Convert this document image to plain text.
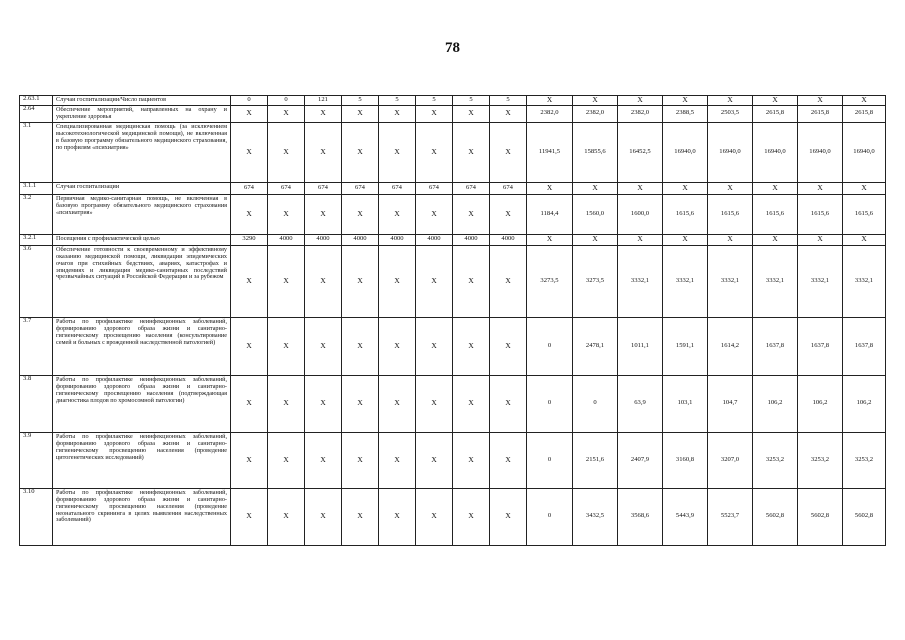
78
2.63.1	Случаи госпитализации/Число пациентов	0	0	121	5	5	5	5	5	X	X	X	X	X	X	X	X
2.64	Обеспечение мероприятий, направленных на охрану и укрепление здоровья	X	X	X	X	X	X	X	X	2382,0	2382,0	2382,0	2388,5	2503,5	2615,8	2615,8	2615,8
3.1	Специализированная медицинская помощь (за исключением высокотехнологической медицинской помощи), не включенная в базовую программу обязательного медицинского страхования, по профилям «психиатрия»	X	X	X	X	X	X	X	X	11941,5	15855,6	16452,5	16940,0	16940,0	16940,0	16940,0	16940,0
3.1.1	Случаи госпитализации	674	674	674	674	674	674	674	674	X	X	X	X	X	X	X	X
3.2	Первичная медико-санитарная помощь, не включенная в базовую программу обязательного медицинского страхования «психиатрия»	X	X	X	X	X	X	X	X	1184,4	1560,0	1600,0	1615,6	1615,6	1615,6	1615,6	1615,6
3.2.1	Посещения с профилактической целью	3290	4000	4000	4000	4000	4000	4000	4000	X	X	X	X	X	X	X	X
3.6	Обеспечение готовности к своевременному и эффективному оказанию медицинской помощи, ликвидации эпидемических очагов при стихийных бедствиях, авариях, катастрофах и эпидемиях и ликвидация медико-санитарных последствий чрезвычайных ситуаций в Российской Федерации и за рубежом	X	X	X	X	X	X	X	X	3273,5	3273,5	3332,1	3332,1	3332,1	3332,1	3332,1	3332,1
3.7	Работы по профилактике неинфекционных заболеваний, формированию здорового образа жизни и санитарно-гигиеническому просвещению населения (консультирование семей и больных с врожденной наследственной патологией)	X	X	X	X	X	X	X	X	0	2478,1	1011,1	1591,1	1614,2	1637,8	1637,8	1637,8
3.8	Работы по профилактике неинфекционных заболеваний, формированию здорового образа жизни и санитарно-гигиеническому просвещению населения (подтверждающая диагностика плодов по хромосомной патологии)	X	X	X	X	X	X	X	X	0	0	63,9	103,1	104,7	106,2	106,2	106,2
3.9	Работы по профилактике неинфекционных заболеваний, формированию здорового образа жизни и санитарно-гигиеническому просвещению населения (проведение цитогенетических исследований)	X	X	X	X	X	X	X	X	0	2151,6	2407,9	3160,8	3207,0	3253,2	3253,2	3253,2
3.10	Работы по профилактике неинфекционных заболеваний, формированию здорового образа жизни и санитарно-гигиеническому просвещению населения (проведение неонатального скрининга в целях выявления наследственных заболеваний)	X	X	X	X	X	X	X	X	0	3432,5	3568,6	5443,9	5523,7	5602,8	5602,8	5602,8
